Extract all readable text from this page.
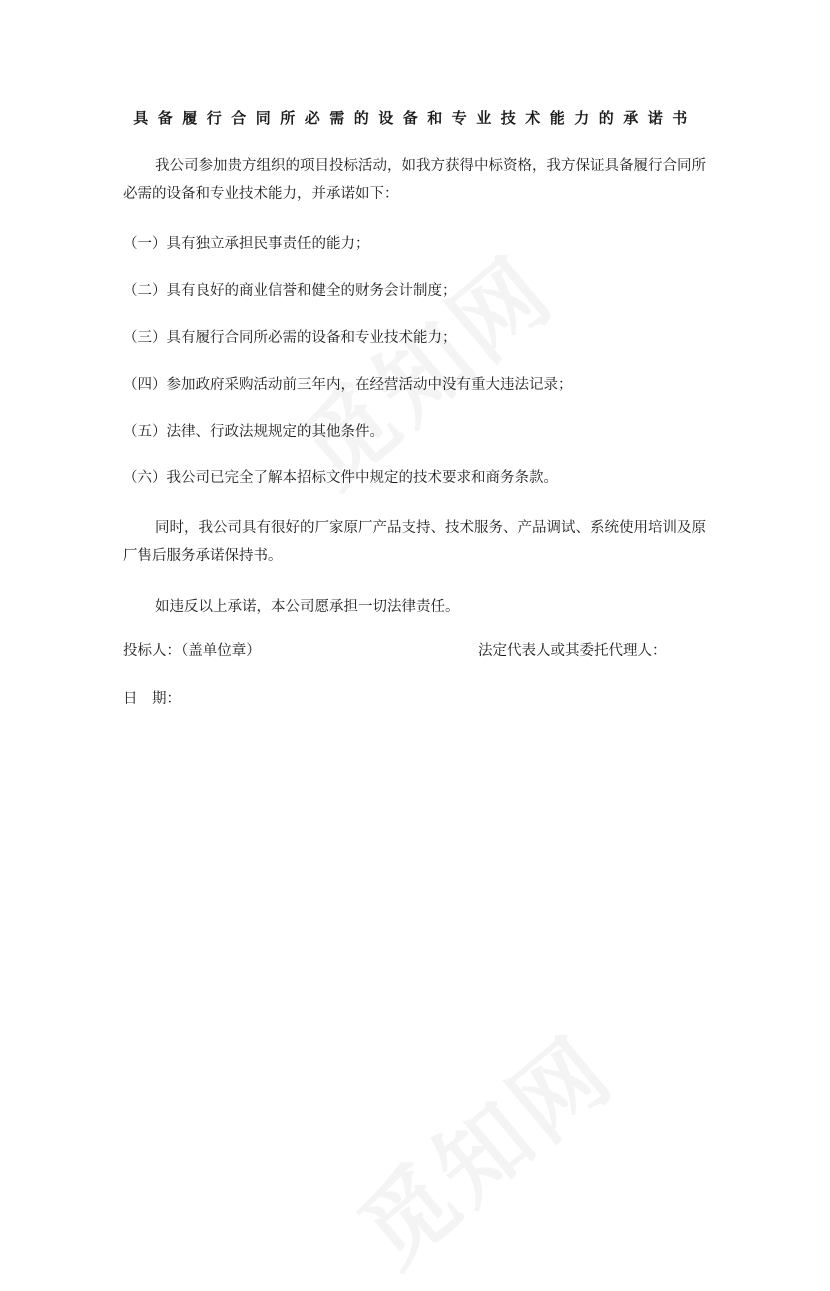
具备履行合同所必需的设备和专业技术能力的承诺书
我公司参加贵方组织的项目投标活动，如我方获得中标资格，我方保证具备履行合同所必需的设备和专业技术能力，并承诺如下：
（一）具有独立承担民事责任的能力；
（二）具有良好的商业信誉和健全的财务会计制度；
（三）具有履行合同所必需的设备和专业技术能力；
（四）参加政府采购活动前三年内，在经营活动中没有重大违法记录；
（五）法律、行政法规规定的其他条件。
（六）我公司已完全了解本招标文件中规定的技术要求和商务条款。
同时，我公司具有很好的厂家原厂产品支持、技术服务、产品调试、系统使用培训及原厂售后服务承诺保持书。
如违反以上承诺，本公司愿承担一切法律责任。
投标人：（盖单位章）	法定代表人或其委托代理人：
日　期：
